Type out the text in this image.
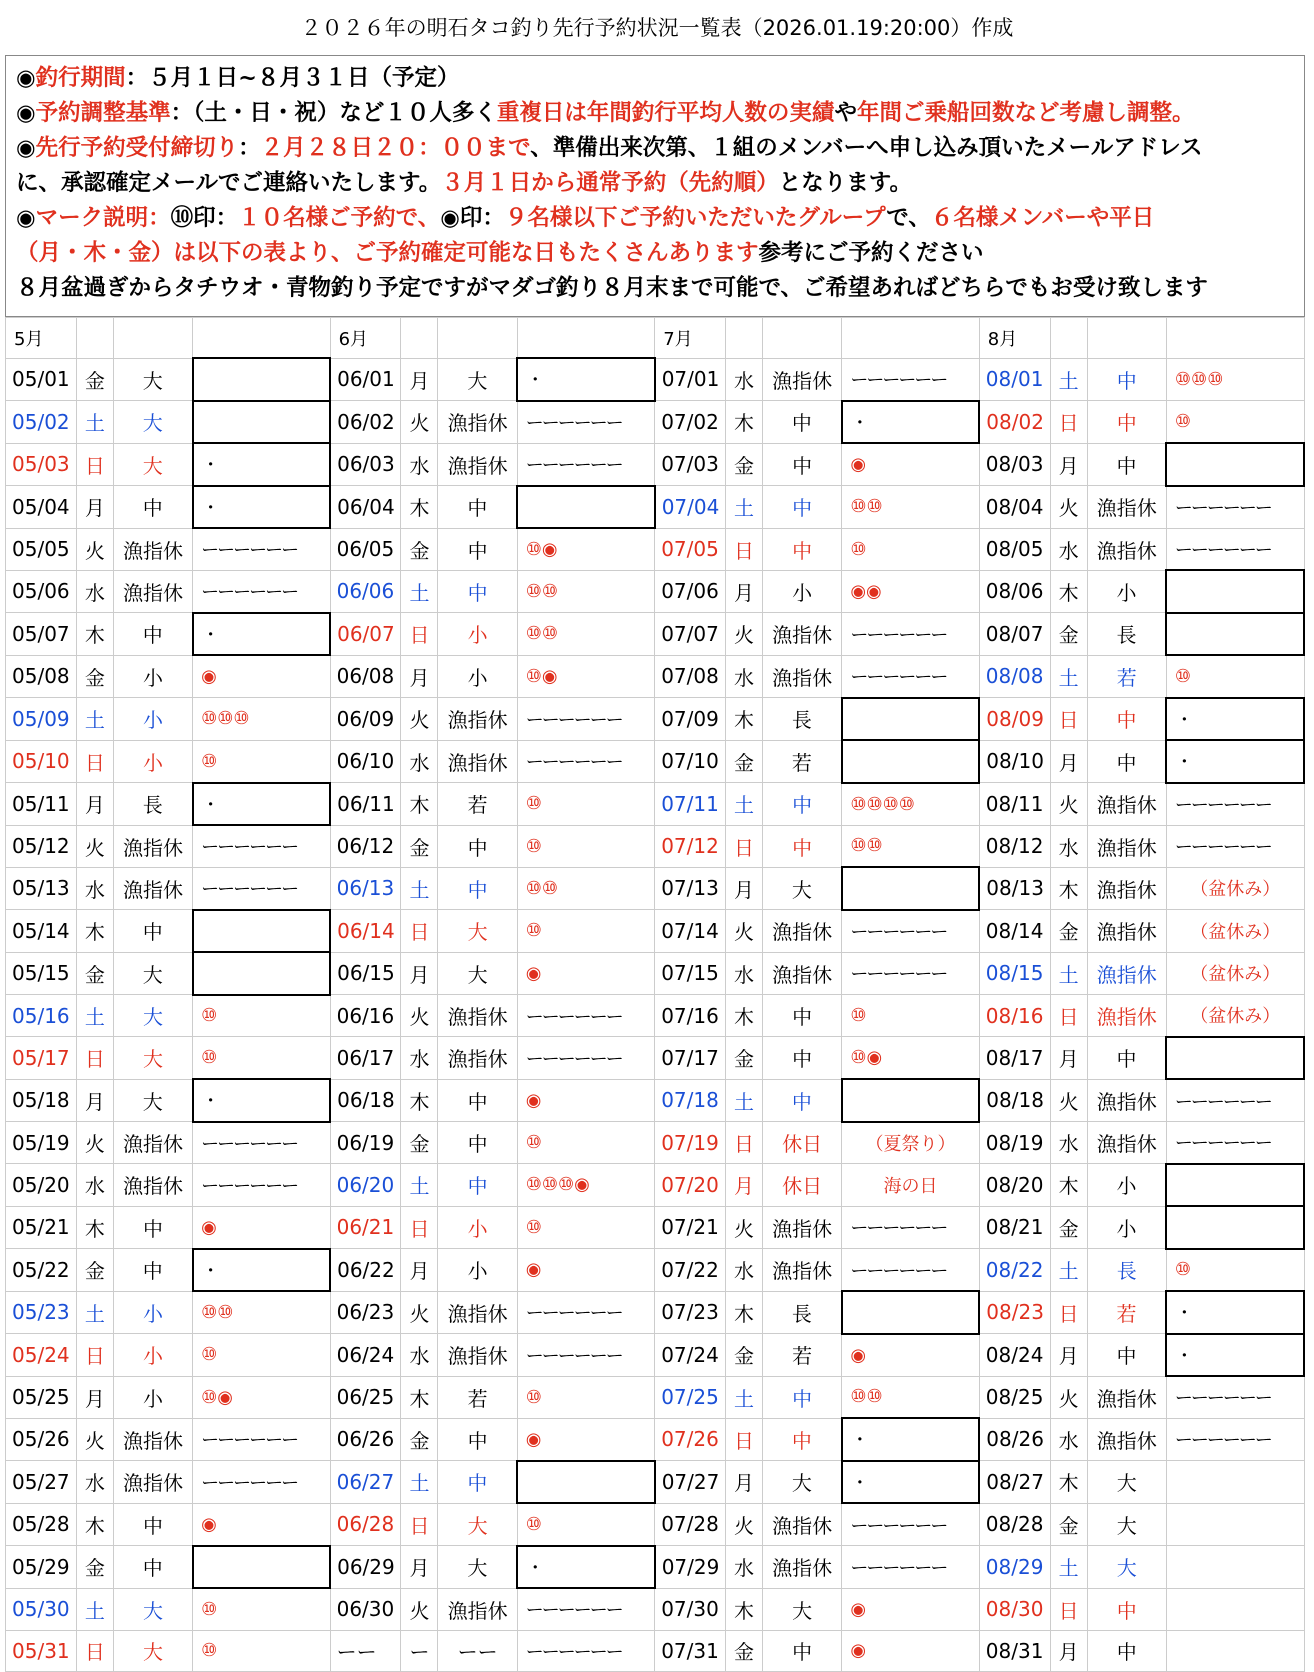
２０２６年の明石タコ釣り先行予約状況一覧表（2026.01.19:20:00）作成
◉釣行期間：５月１日~８月３１日（予定）
◉予約調整基準：（土・日・祝）など１０人多く重複日は年間釣行平均人数の実績や年間ご乗船回数など考慮し調整。
◉先行予約受付締切り：２月２８日２０：００まで、準備出来次第、１組のメンバーへ申し込み頂いたメールアドレス
に、承認確定メールでご連絡いたします。３月１日から通常予約（先約順）となります。
◉マーク説明：⑩印：１０名様ご予約で、◉印：９名様以下ご予約いただいたグループで、６名様メンバーや平日
（月・木・金）は以下の表より、ご予約確定可能な日もたくさんあります参考にご予約ください
８月盆過ぎからタチウオ・青物釣り予定ですがマダゴ釣り８月末まで可能で、ご希望あればどちらでもお受け致します
5月				6月				7月				8月			
05/01	金	大		06/01	月	大	・	07/01	水	漁指休	ーーーーーー	08/01	土	中	⑩⑩⑩
05/02	土	大		06/02	火	漁指休	ーーーーーー	07/02	木	中	・	08/02	日	中	⑩
05/03	日	大	・	06/03	水	漁指休	ーーーーーー	07/03	金	中	◉	08/03	月	中	
05/04	月	中	・	06/04	木	中		07/04	土	中	⑩⑩	08/04	火	漁指休	ーーーーーー
05/05	火	漁指休	ーーーーーー	06/05	金	中	⑩◉	07/05	日	中	⑩	08/05	水	漁指休	ーーーーーー
05/06	水	漁指休	ーーーーーー	06/06	土	中	⑩⑩	07/06	月	小	◉◉	08/06	木	小	
05/07	木	中	・	06/07	日	小	⑩⑩	07/07	火	漁指休	ーーーーーー	08/07	金	長	
05/08	金	小	◉	06/08	月	小	⑩◉	07/08	水	漁指休	ーーーーーー	08/08	土	若	⑩
05/09	土	小	⑩⑩⑩	06/09	火	漁指休	ーーーーーー	07/09	木	長		08/09	日	中	・
05/10	日	小	⑩	06/10	水	漁指休	ーーーーーー	07/10	金	若		08/10	月	中	・
05/11	月	長	・	06/11	木	若	⑩	07/11	土	中	⑩⑩⑩⑩	08/11	火	漁指休	ーーーーーー
05/12	火	漁指休	ーーーーーー	06/12	金	中	⑩	07/12	日	中	⑩⑩	08/12	水	漁指休	ーーーーーー
05/13	水	漁指休	ーーーーーー	06/13	土	中	⑩⑩	07/13	月	大		08/13	木	漁指休	（盆休み）
05/14	木	中		06/14	日	大	⑩	07/14	火	漁指休	ーーーーーー	08/14	金	漁指休	（盆休み）
05/15	金	大		06/15	月	大	◉	07/15	水	漁指休	ーーーーーー	08/15	土	漁指休	（盆休み）
05/16	土	大	⑩	06/16	火	漁指休	ーーーーーー	07/16	木	中	⑩	08/16	日	漁指休	（盆休み）
05/17	日	大	⑩	06/17	水	漁指休	ーーーーーー	07/17	金	中	⑩◉	08/17	月	中	
05/18	月	大	・	06/18	木	中	◉	07/18	土	中		08/18	火	漁指休	ーーーーーー
05/19	火	漁指休	ーーーーーー	06/19	金	中	⑩	07/19	日	休日	（夏祭り）	08/19	水	漁指休	ーーーーーー
05/20	水	漁指休	ーーーーーー	06/20	土	中	⑩⑩⑩◉	07/20	月	休日	海の日	08/20	木	小	
05/21	木	中	◉	06/21	日	小	⑩	07/21	火	漁指休	ーーーーーー	08/21	金	小	
05/22	金	中	・	06/22	月	小	◉	07/22	水	漁指休	ーーーーーー	08/22	土	長	⑩
05/23	土	小	⑩⑩	06/23	火	漁指休	ーーーーーー	07/23	木	長		08/23	日	若	・
05/24	日	小	⑩	06/24	水	漁指休	ーーーーーー	07/24	金	若	◉	08/24	月	中	・
05/25	月	小	⑩◉	06/25	木	若	⑩	07/25	土	中	⑩⑩	08/25	火	漁指休	ーーーーーー
05/26	火	漁指休	ーーーーーー	06/26	金	中	◉	07/26	日	中	・	08/26	水	漁指休	ーーーーーー
05/27	水	漁指休	ーーーーーー	06/27	土	中		07/27	月	大	・	08/27	木	大	
05/28	木	中	◉	06/28	日	大	⑩	07/28	火	漁指休	ーーーーーー	08/28	金	大	
05/29	金	中		06/29	月	大	・	07/29	水	漁指休	ーーーーーー	08/29	土	大	
05/30	土	大	⑩	06/30	火	漁指休	ーーーーーー	07/30	木	大	◉	08/30	日	中	
05/31	日	大	⑩	ーー	ー	ーー	ーーーーーー	07/31	金	中	◉	08/31	月	中	
